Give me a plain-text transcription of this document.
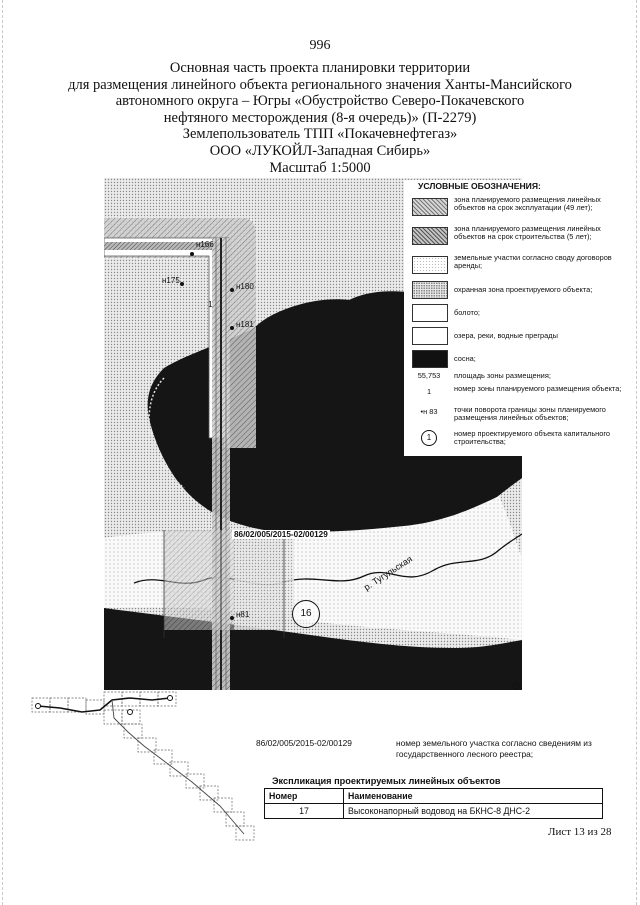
996
Основная часть проекта планировки территории
для размещения линейного объекта регионального значения Ханты-Мансийского
автономного округа – Югры «Обустройство Северо-Покачевского
нефтяного месторождения (8-я очередь)» (П-2279)
Землепользователь ТПП «Покачевнефтегаз»
ООО «ЛУКОЙЛ-Западная Сибирь»
Масштаб 1:5000
н166
н175
н180
н181
1
н81
УСЛОВНЫЕ ОБОЗНАЧЕНИЯ:
зона планируемого размещения линейных объектов на срок эксплуатации (49 лет);
зона планируемого размещения линейных объектов на срок строительства (5 лет);
земельные участки согласно своду договоров аренды;
охранная зона проектируемого объекта;
болото;
озера, реки, водные преграды
сосна;
55,753	площадь зоны размещения;
1	номер зоны планируемого размещения объекта;
•н 83	точки поворота границы зоны планируемого размещения линейных объектов;
1	номер проектируемого объекта капитального строительства;
86/02/005/2015-02/00129
р. Тугульская
16
86/02/005/2015-02/00129	номер земельного участка согласно сведениям из государственного лесного реестра;
Экспликация проектируемых линейных объектов
Номер	Наименование
17	Высоконапорный водовод на БКНС-8 ДНС-2
Лист 13 из 28
